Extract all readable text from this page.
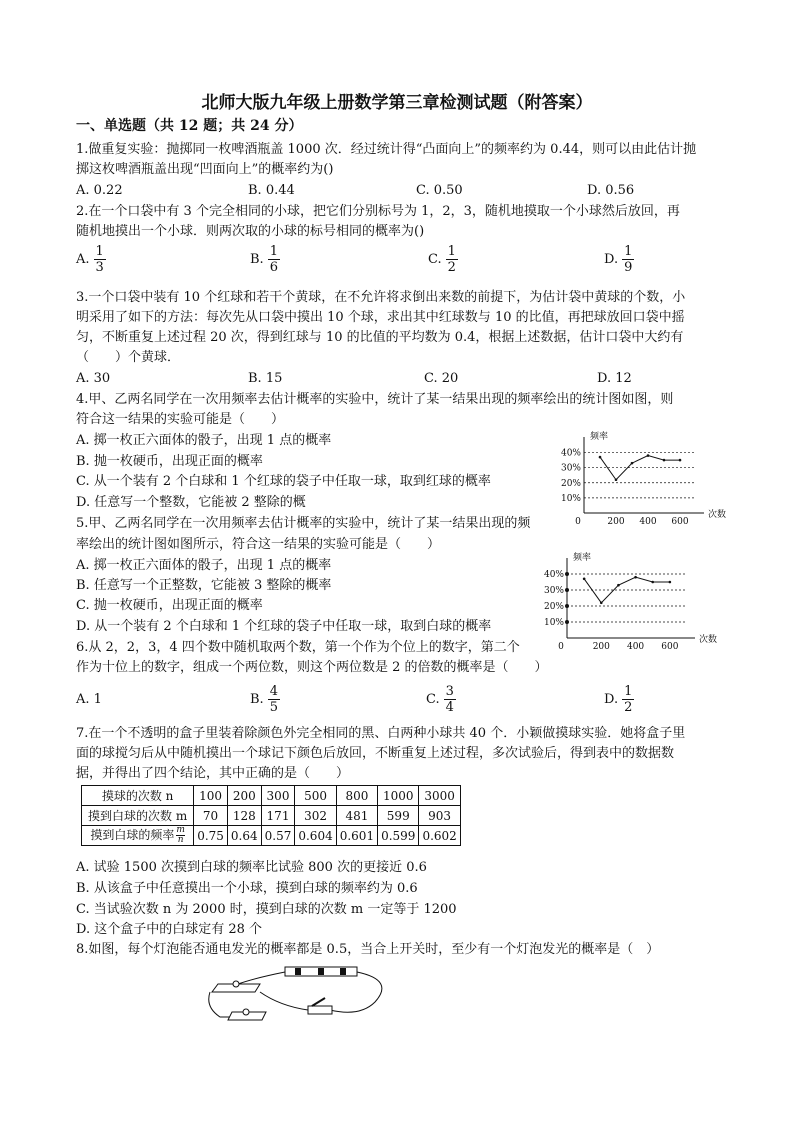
北师大版九年级上册数学第三章检测试题（附答案）
一、单选题（共 12 题；共 24 分）
1.做重复实验：抛掷同一枚啤酒瓶盖 1000 次．经过统计得“凸面向上”的频率约为 0.44，则可以由此估计抛
掷这枚啤酒瓶盖出现“凹面向上”的概率约为()
A. 0.22	B. 0.44	C. 0.50	D. 0.56
2.在一个口袋中有 3 个完全相同的小球，把它们分别标号为 1，2，3，随机地摸取一个小球然后放回，再
随机地摸出一个小球．则两次取的小球的标号相同的概率为()
A. $\frac{1}{3}$	B. $\frac{1}{6}$	C. $\frac{1}{2}$	D. $\frac{1}{9}$
3.一个口袋中装有 10 个红球和若干个黄球，在不允许将求倒出来数的前提下，为估计袋中黄球的个数，小
明采用了如下的方法：每次先从口袋中摸出 10 个球，求出其中红球数与 10 的比值，再把球放回口袋中摇
匀，不断重复上述过程 20 次，得到红球与 10 的比值的平均数为 0.4，根据上述数据，估计口袋中大约有
（　　）个黄球．
A. 30	B. 15	C. 20	D. 12
4.甲、乙两名同学在一次用频率去估计概率的实验中，统计了某一结果出现的频率绘出的统计图如图，则
符合这一结果的实验可能是（　　）
A. 掷一枚正六面体的骰子，出现 1 点的概率
B. 抛一枚硬币，出现正面的概率
C. 从一个装有 2 个白球和 1 个红球的袋子中任取一球，取到红球的概率
D. 任意写一个整数，它能被 2 整除的概	10%
20%
30%
40%
200 400 600
0
频率
次数
5.甲、乙两名同学在一次用频率去估计概率的实验中，统计了某一结果出现的频
率绘出的统计图如图所示，符合这一结果的实验可能是（　　）
A. 掷一枚正六面体的骰子，出现 1 点的概率
B. 任意写一个正整数，它能被 3 整除的概率
C. 抛一枚硬币，出现正面的概率
D. 从一个装有 2 个白球和 1 个红球的袋子中任取一球，取到白球的概率	10%
20%
30%
40%
200 400 600
0
频率
次数
6.从 2，2，3，4 四个数中随机取两个数，第一个作为个位上的数字，第二个
作为十位上的数字，组成一个两位数，则这个两位数是 2 的倍数的概率是（　　）
A. 1	B. $\frac{4}{5}$	C. $\frac{3}{4}$	D. $\frac{1}{2}$
7.在一个不透明的盒子里装着除颜色外完全相同的黑、白两种小球共 40 个．小颖做摸球实验．她将盒子里
面的球搅匀后从中随机摸出一个球记下颜色后放回，不断重复上述过程，多次试验后，得到表中的数据数
据，并得出了四个结论，其中正确的是（　　）
摸球的次数 n	100	200	300	500	800	1000	3000
摸到白球的次数 m	70	128	171	302	481	599	903
摸到白球的频率 $\frac{m}{n}$	0.75	0.64	0.57	0.604	0.601	0.599	0.602
A. 试验 1500 次摸到白球的频率比试验 800 次的更接近 0.6
B. 从该盒子中任意摸出一个小球，摸到白球的频率约为 0.6
C. 当试验次数 n 为 2000 时，摸到白球的次数 m 一定等于 1200
D. 这个盒子中的白球定有 28 个
8.如图，每个灯泡能否通电发光的概率都是 0.5，当合上开关时，至少有一个灯泡发光的概率是（　）
